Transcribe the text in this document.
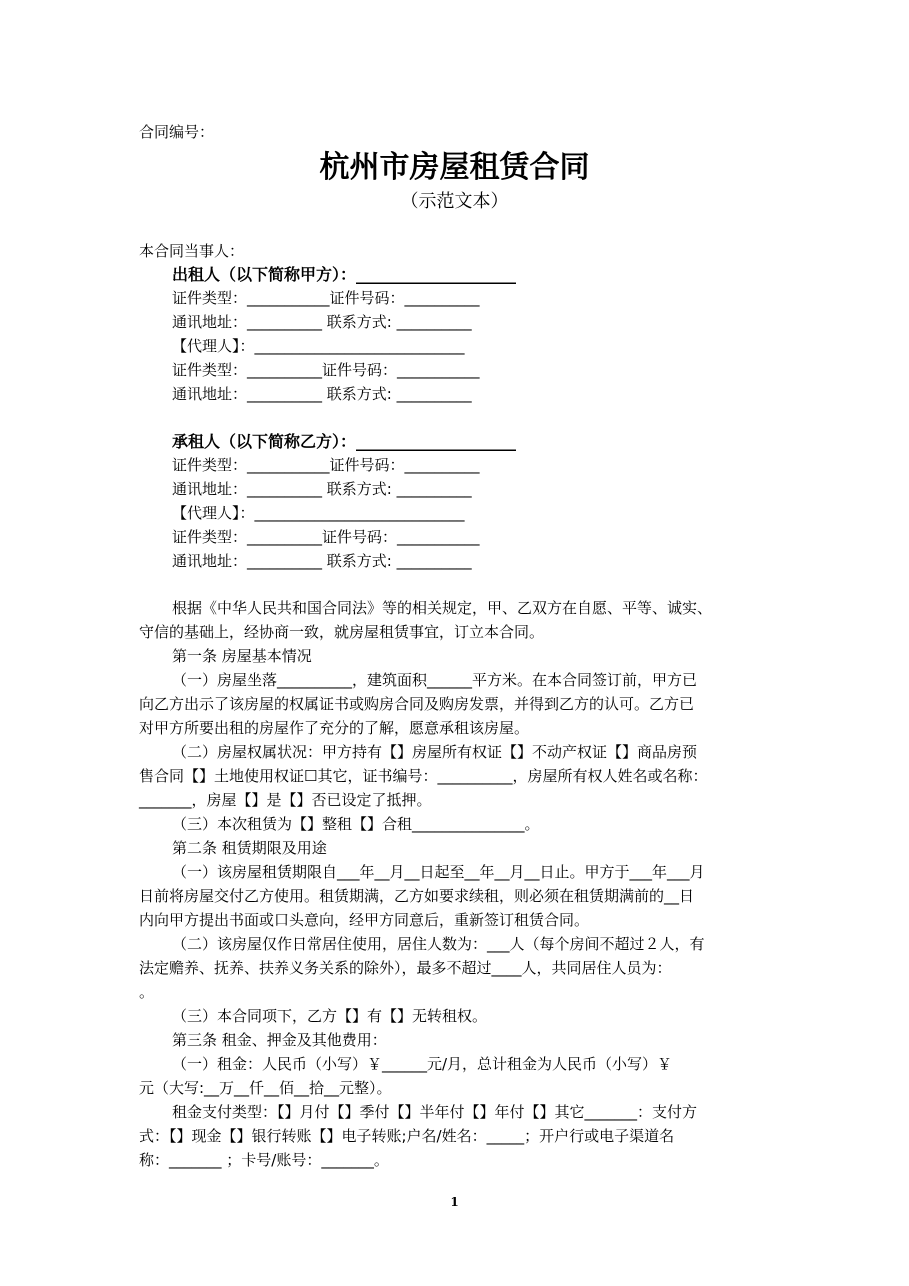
合同编号：
杭州市房屋租赁合同
（示范文本）
本合同当事人：
出租人（以下简称甲方）：____________________
证件类型：___________证件号码：__________
通讯地址：__________ 联系方式: __________
【代理人】：____________________________
证件类型：__________证件号码：___________
通讯地址：__________ 联系方式: __________
承租人（以下简称乙方）：____________________
证件类型：___________证件号码：__________
通讯地址：__________ 联系方式: __________
【代理人】：____________________________
证件类型：__________证件号码：___________
通讯地址：__________ 联系方式: __________
根据《中华人民共和国合同法》等的相关规定，甲、乙双方在自愿、平等、诚实、
守信的基础上，经协商一致，就房屋租赁事宜，订立本合同。
第一条 房屋基本情况
（一）房屋坐落__________，建筑面积______平方米。在本合同签订前，甲方已
向乙方出示了该房屋的权属证书或购房合同及购房发票，并得到乙方的认可。乙方已
对甲方所要出租的房屋作了充分的了解，愿意承租该房屋。
（二）房屋权属状况：甲方持有【】房屋所有权证【】不动产权证【】商品房预
售合同【】土地使用权证☐其它，证书编号：__________，房屋所有权人姓名或名称：
_______，房屋【】是【】否已设定了抵押。
（三）本次租赁为【】整租【】合租_______________。
第二条 租赁期限及用途
（一）该房屋租赁期限自___年__月__日起至__年__月__日止。甲方于___年___月
日前将房屋交付乙方使用。租赁期满，乙方如要求续租，则必须在租赁期满前的__日
内向甲方提出书面或口头意向，经甲方同意后，重新签订租赁合同。
（二）该房屋仅作日常居住使用，居住人数为：___人（每个房间不超过２人，有
法定赡养、抚养、扶养义务关系的除外），最多不超过____人，共同居住人员为：
。
（三）本合同项下，乙方【】有【】无转租权。
第三条 租金、押金及其他费用：
（一）租金：人民币（小写）￥______元/月，总计租金为人民币（小写）￥
元（大写:__万__仟__佰__拾__元整）。
租金支付类型：【】月付【】季付【】半年付【】年付【】其它_______：支付方
式：【】现金【】银行转账【】电子转账;户名/姓名：_____；开户行或电子渠道名
称：_______ ；卡号/账号：_______。
1
